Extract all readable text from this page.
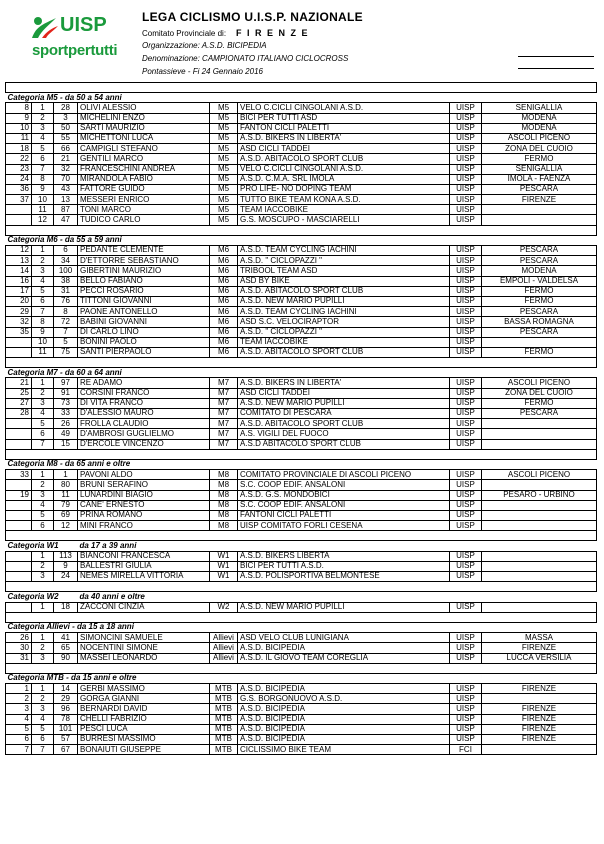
UISP
sportpertutti
LEGA CICLISMO U.I.S.P. NAZIONALE
Comitato Provinciale di: F I R E N Z E
Organizzazione: A.S.D. BICIPEDIA
Denominazione: CAMPIONATO ITALIANO CICLOCROSS
Pontassieve - Fi 24 Gennaio 2016

Categoria M5 - da 50 a 54 anni							
8	1	28	OLIVI ALESSIO	M5	VELO C.CICLI CINGOLANI A.S.D.	UISP	SENIGALLIA
9	2	3	MICHELINI ENZO	M5	BICI PER TUTTI ASD	UISP	MODENA
10	3	50	SARTI MAURIZIO	M5	FANTON CICLI PALETTI	UISP	MODENA
11	4	55	MICHETTONI LUCA	M5	A.S.D. BIKERS IN LIBERTA'	UISP	ASCOLI PICENO
18	5	66	CAMPIGLI STEFANO	M5	ASD CICLI TADDEI	UISP	ZONA DEL CUOIO
22	6	21	GENTILI MARCO	M5	A.S.D. ABITACOLO SPORT CLUB	UISP	FERMO
23	7	32	FRANCESCHINI ANDREA	M5	VELO C.CICLI CINGOLANI A.S.D.	UISP	SENIGALLIA
24	8	70	MIRANDOLA FABIO	M5	A.S.D. C.M.A. SRL IMOLA	UISP	IMOLA - FAENZA
36	9	43	FATTORE GUIDO	M5	PRO LIFE- NO DOPING TEAM	UISP	PESCARA
37	10	13	MESSERI ENRICO	M5	TUTTO BIKE TEAM KONA A.S.D.	UISP	FIRENZE
	11	87	TONI MARCO	M5	TEAM IACCOBIKE	UISP	
	12	47	TUDICO CARLO	M5	G.S. MOSCUPO - MASCIARELLI	UISP	

Categoria M6 - da 55 a 59 anni							
12	1	6	PEDANTE CLEMENTE	M6	A.S.D. TEAM CYCLING IACHINI	UISP	PESCARA
13	2	34	D'ETTORRE SEBASTIANO	M6	A.S.D. " CICLOPAZZI "	UISP	PESCARA
14	3	100	GIBERTINI MAURIZIO	M6	TRIBOOL TEAM ASD	UISP	MODENA
16	4	38	BELLO FABIANO	M6	ASD BY BIKE	UISP	EMPOLI - VALDELSA
17	5	31	PECCI ROSARIO	M6	A.S.D. ABITACOLO SPORT CLUB	UISP	FERMO
20	6	76	TITTONI GIOVANNI	M6	A.S.D. NEW MARIO PUPILLI	UISP	FERMO
29	7	8	PAONE ANTONELLO	M6	A.S.D. TEAM CYCLING IACHINI	UISP	PESCARA
32	8	72	BABINI GIOVANNI	M6	ASD S.C. VELOCIRAPTOR	UISP	BASSA ROMAGNA
35	9	7	DI CARLO LINO	M6	A.S.D. " CICLOPAZZI "	UISP	PESCARA
	10	5	BONINI PAOLO	M6	TEAM IACCOBIKE	UISP	
	11	75	SANTI PIERPAOLO	M6	A.S.D. ABITACOLO SPORT CLUB	UISP	FERMO

Categoria M7 - da 60 a 64 anni							
21	1	97	RE ADAMO	M7	A.S.D. BIKERS IN LIBERTA'	UISP	ASCOLI PICENO
25	2	91	CORSINI FRANCO	M7	ASD CICLI TADDEI	UISP	ZONA DEL CUOIO
27	3	73	DI VITA FRANCO	M7	A.S.D. NEW MARIO PUPILLI	UISP	FERMO
28	4	33	D'ALESSIO MAURO	M7	COMITATO DI PESCARA	UISP	PESCARA
	5	26	FROLLA CLAUDIO	M7	A.S.D. ABITACOLO SPORT CLUB	UISP	
	6	49	D'AMBROSI GUGLIELMO	M7	A.S. VIGILI DEL FUOCO	UISP	
	7	15	D'ERCOLE VINCENZO	M7	A.S.D ABITACOLO SPORT CLUB	UISP	

Categoria M8 - da 65 anni e oltre							
33	1	1	PAVONI ALDO	M8	COMITATO PROVINCIALE DI ASCOLI PICENO	UISP	ASCOLI PICENO
	2	80	BRUNI SERAFINO	M8	S.C. COOP EDIF. ANSALONI	UISP	
19	3	11	LUNARDINI BIAGIO	M8	A.S.D. G.S. MONDOBICI	UISP	PESARO - URBINO
	4	79	CANE' ERNESTO	M8	S.C. COOP EDIF. ANSALONI	UISP	
	5	69	PRINA ROMANO	M8	FANTONI CICLI PALETTI	UISP	
	6	12	MINI FRANCO	M8	UISP COMITATO FORLI CESENA	UISP	

Categoria W1			da 17 a 39 anni				
	1	113	BIANCONI FRANCESCA	W1	A.S.D. BIKERS LIBERTA	UISP	
	2	9	BALLESTRI GIULIA	W1	BICI PER TUTTI A.S.D.	UISP	
	3	24	NEMES MIRELLA VITTORIA	W1	A.S.D. POLISPORTIVA BELMONTESE	UISP	

Categoria W2			da 40 anni e oltre				
	1	18	ZACCONI CINZIA	W2	A.S.D. NEW MARIO PUPILLI	UISP	

Categoria Allievi - da 15 a 18 anni							
26	1	41	SIMONCINI SAMUELE	Allievi	ASD VELO CLUB LUNIGIANA	UISP	MASSA
30	2	65	NOCENTINI SIMONE	Allievi	A.S.D. BICIPEDIA	UISP	FIRENZE
31	3	90	MASSEI LEONARDO	Allievi	A.S.D. IL GIOVO TEAM COREGLIA	UISP	LUCCA VERSILIA

Categoria MTB - da 15 anni e oltre							
1	1	14	GERBI MASSIMO	MTB	A.S.D. BICIPEDIA	UISP	FIRENZE
2	2	29	GORGA GIANNI	MTB	G.S. BORGONUOVO A.S.D.	UISP	
3	3	96	BERNARDI DAVID	MTB	A.S.D. BICIPEDIA	UISP	FIRENZE
4	4	78	CHELLI FABRIZIO	MTB	A.S.D. BICIPEDIA	UISP	FIRENZE
5	5	101	PESCI LUCA	MTB	A.S.D. BICIPEDIA	UISP	FIRENZE
6	6	57	BURRESI MASSIMO	MTB	A.S.D. BICIPEDIA	UISP	FIRENZE
7	7	67	BONAIUTI GIUSEPPE	MTB	CICLISSIMO BIKE TEAM	FCI	
